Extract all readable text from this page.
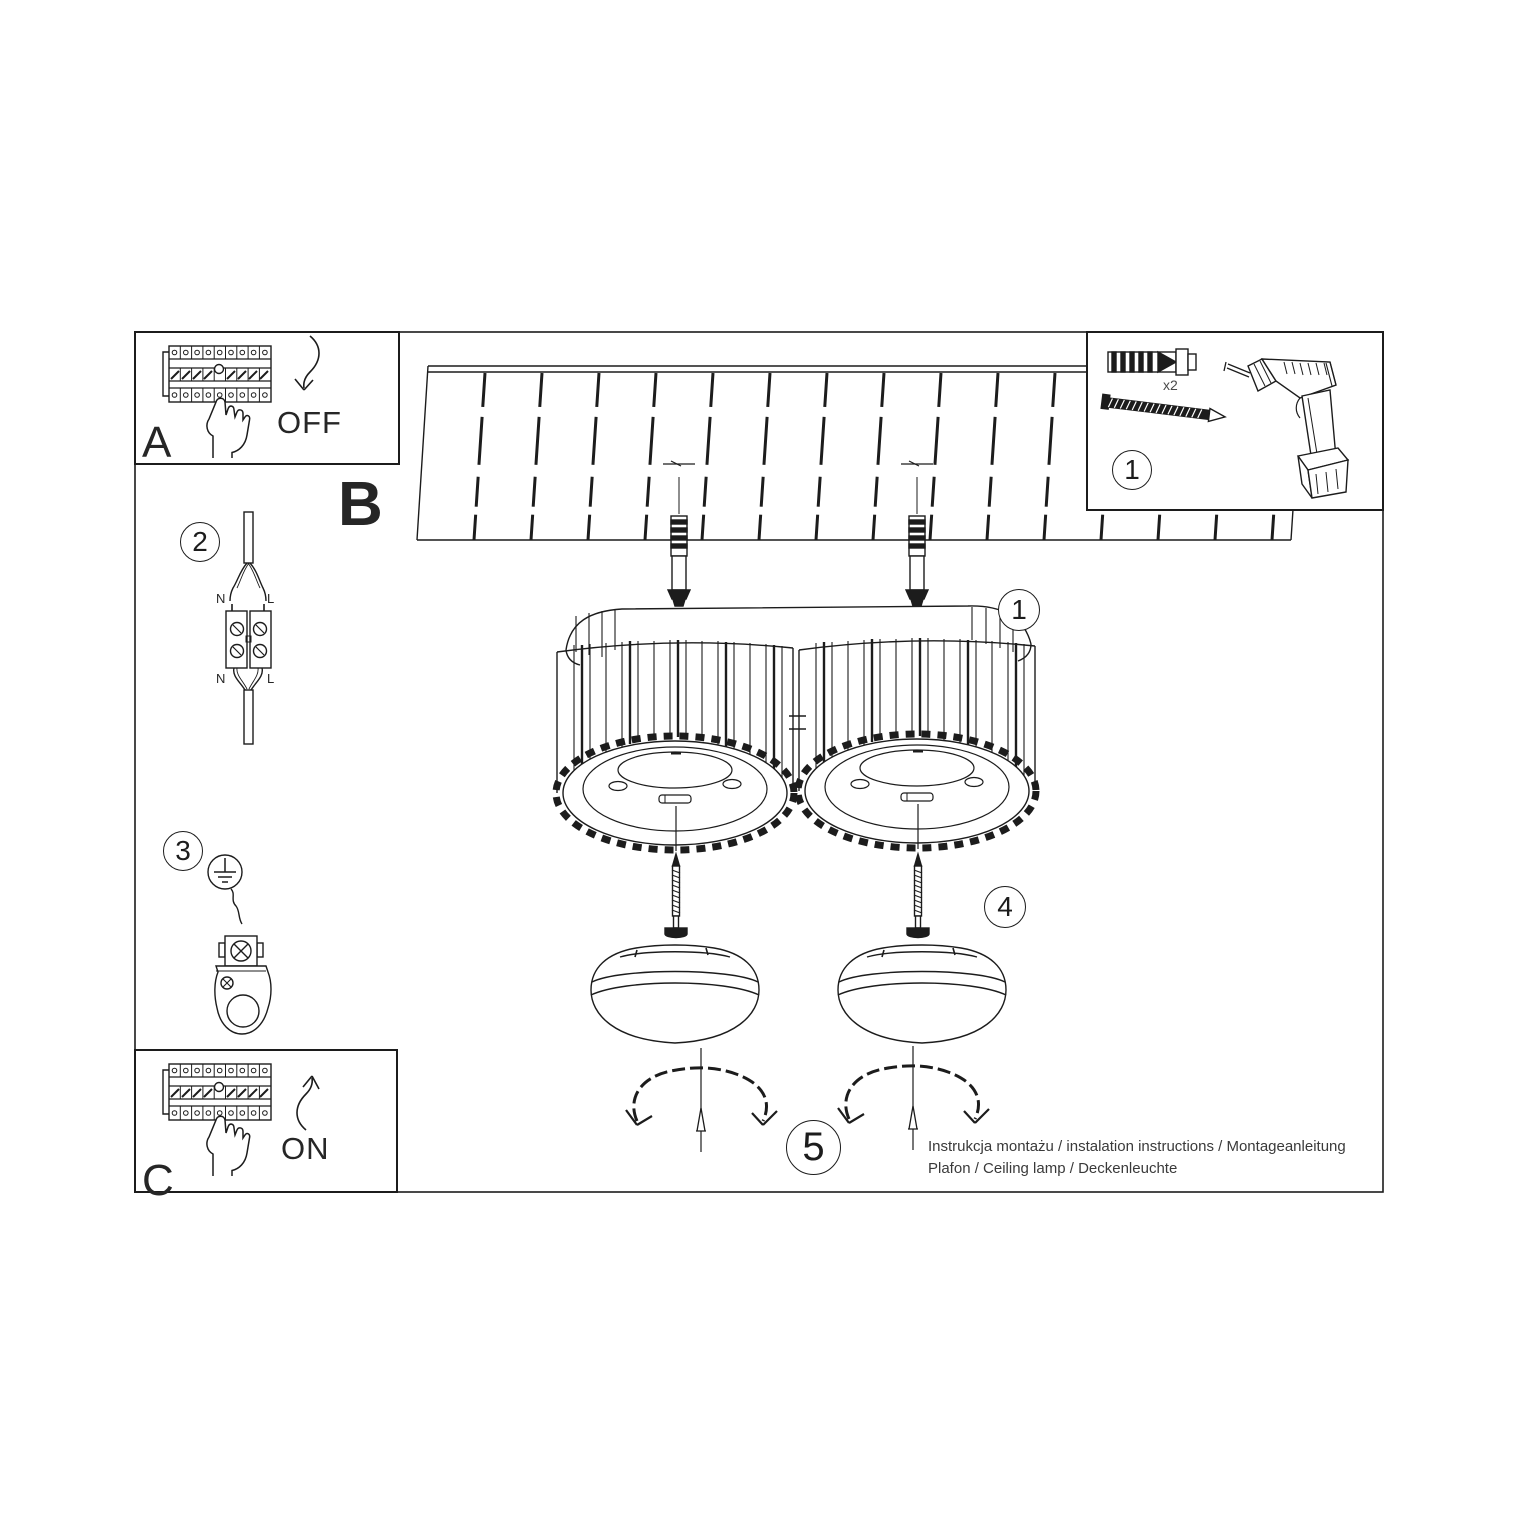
A	OFF
B
C
ON
N	L
N	L
x2
1
2
3
1
4
5	Instrukcja montażu / instalation instructions / Montageanleitung
Plafon / Ceiling lamp / Deckenleuchte
